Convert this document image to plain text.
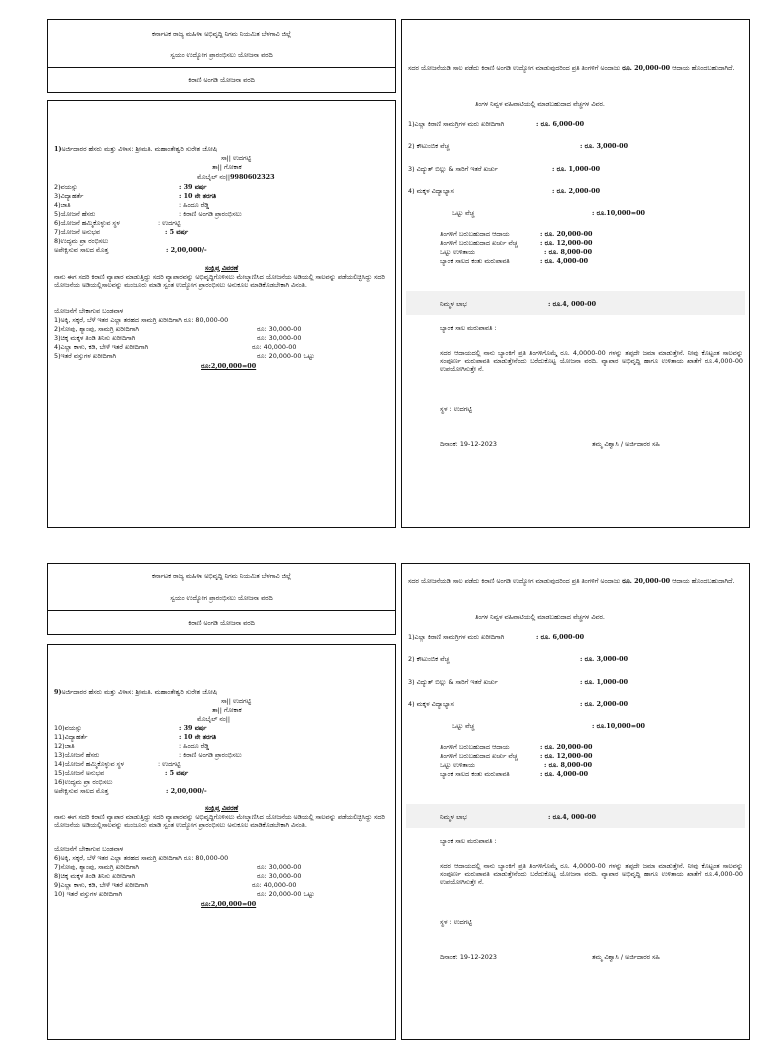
ಕರ್ನಾಟಕ ರಾಜ್ಯ ಮಹಿಳಾ ಅಭಿವೃದ್ದಿ ನಿಗಮ ನಿಯಮಿತ ಬೆಳಗಾವಿ ಜಿಲ್ಲೆ
ಸ್ವಯಂ ಉದ್ಯೋಗ ಪ್ರಾರಂಭಿಸಲು ಯೋಜನಾ ವರದಿ
ಕಿರಾಣಿ ಅಂಗಡಿ ಯೋಜನಾ ವರದಿ
1)ಅರ್ಜಿದಾರರ ಹೆಸರು ಮತ್ತು ವಿಳಾಸ: ಶ್ರೀಮತಿ. ಮಹಾಂತೇಶ್ವರಿ ಸುರೇಶ ಜೋಷಿ
ಸಾ|| ಉದಗಟ್ಟಿ
ತಾ|| ಗೋಕಾಕ
ಮೊಬೈಲ್ ನಂ||9980602323
2)ವಯಸ್ಸು	: 39 ವರ್ಷ
3)ವಿದ್ಯಾಹರ್ತೆ	: 10 ನೇ ತರಗತಿ
4)ಜಾತಿ	: ಹಿಂದೂ ರೆಡ್ಡಿ
5)ಯೋಜನೆ ಹೆಸರು	: ಕಿರಾಣಿ ಅಂಗಡಿ ಪ್ರಾರಂಭಿಸಲು
6)ಯೋಜನೆ ಹಮ್ಮಿಕೊಳ್ಳುವ ಸ್ಥಳ	: ಉದಗಟ್ಟಿ
7)ಯೋಜನೆ ಅನುಭವ	: 5 ವರ್ಷ
8)ಉದ್ಯಮ ಪ್ರಾ ರಂಭಿಸಲು
ಅಪೇಕ್ಷಿಸುವ ಸಾಲದ ಮೊತ್ತ	: 2,00,000/-
ಸಂಕ್ಷಿಪ್ತ ವಿವರಣೆ
ನಾನು ಈಗ ಸದರಿ ಕಿರಾಣಿ ವ್ಯಾಪಾರ ಮಾಡುತ್ತಿದ್ದು ಸದರಿ ವ್ಯಾಪಾರವನ್ನು ಅಭಿವೃದ್ಧಿಗೊಳಿಸಲು ಮೇಲ್ಕಾಣಿಸಿದ ಯೋಜನೆಯ ಅಡಿಯಲ್ಲಿ ಸಾಲವನ್ನು ಪಡೆಯಲಿಚ್ಛಿಸಿದ್ದು ಸದರಿ ಯೋಜನೆಯ ಅಡಿಯಲ್ಲಿಸಾಲವನ್ನು ಮಂಜೂರು ಮಾಡಿ ಸ್ವಂತ ಉದ್ಯೋಗ ಪ್ರಾರಂಭಿಸಲು ಅನುಕೂಲ ಮಾಡಿಕೊಡಬೇಕಾಗಿ ವಿನಂತಿ.
ಯೋಜನೆಗೆ ಬೇಕಾಗುವ ಬಂಡವಾಳ
1)ಅಕ್ಕಿ, ಸಕ್ಕರೆ, ಬೆಳೆ ಇತರ ಎಲ್ಲಾ ತರಹದ ಸಾಮಗ್ರಿ ಖರೀದಿಗಾಗಿ ರೂ: 80,000-00
2)ಸೋಪು, ಶ್ಯಾಂಪು, ಸಾಮಗ್ರಿ ಖರೀದಿಗಾಗಿ	ರೂ: 30,000-00
3)ಚಿಕ್ಕ ಮಕ್ಕಳ ತಿಂಡಿ ತಿನಿಸು ಖರೀದಿಗಾಗಿ	ರೂ: 30,000-00
4)ಎಲ್ಲಾ ಕಾಳು, ಕಡಿ, ಬೇಳೆ ಇತರೆ ಖರೀದಿಗಾಗಿ	ರೂ: 40,000-00
5)ಇತರೆ ವಸ್ತುಗಳ ಖರೀದಿಗಾಗಿ	ರೂ: 20,000-00 ಒಟ್ಟು
ರೂ:2,00,000=00
ಸದರ ಯೋಜನೆಯಡಿ ಸಾಲ ಪಡೆದು ಕಿರಾಣಿ ಅಂಗಡಿ ಉದ್ಯೋಗ ಮಾಡುವುದರಿಂದ ಪ್ರತಿ ತಿಂಗಳಿಗೆ ಅಂದಾಜು ರೂ. 20,000-00 ಆದಾಯ ಹೊಂದಬಹುದಾಗಿದೆ.
ತಿಂಗಳ ನಿವ್ವಳ ವಹಿವಾಟಿಯಲ್ಲಿ ಮಾಡಬಹುದಾದ ವೆಚ್ಚಗಳ ವಿವರ.
1)ಎಲ್ಲಾ ಕಿರಾಣಿ ಸಾಮಗ್ರಿಗಳ ಮರು ಖರೀದಿಗಾಗಿ	: ರೂ. 6,000-00
2) ಕೌಟುಂಬಿಕ ವೆಚ್ಚ	: ರೂ. 3,000-00
3) ವಿದ್ಯುತ್ ಬಿಲ್ಲು & ಸಾರಿಗೆ ಇತರೆ ಖರ್ಚು	: ರೂ. 1,000-00
4) ಮಕ್ಕಳ ವಿದ್ಯಾಭ್ಯಾಸ	: ರೂ. 2,000-00
ಒಟ್ಟು ವೆಚ್ಚ	: ರೂ.10,000=00
ತಿಂಗಳಿಗೆ ಬರುಬಹುದಾದ ಆದಾಯ	: ರೂ. 20,000-00
ತಿಂಗಳಿಗೆ ಬರುಬಹುದಾದ ಖರ್ಚು ವೆಚ್ಚ	: ರೂ. 12,000-00
ಒಟ್ಟು ಉಳಿತಾಯ	: ರೂ. 8,000-00
ಬ್ಯಾಂಕ ಸಾಲದ ಕಂತು ಮರುಪಾವತಿ	: ರೂ. 4,000-00
ನಿಮ್ಮಳ ಲಾಭ	: ರೂ.4, 000-00
ಬ್ಯಾಂಕ ಸಾಲ ಮರುಪಾವತಿ :
ಸದರ ಆದಾಯದಲ್ಲಿ ನಾನು ಬ್ಯಾಂಕಿಗೆ ಪ್ರತಿ ತಿಂಗಳಿಗೊಮ್ಮೆ ರೂ. 4,0000-00 ಗಳನ್ನು ತಪ್ಪದೇ ಜಮಾ ಮಾಡುತ್ತೇನೆ. ನೀವು ಕೊಟ್ಟಂತ ಸಾಲವನ್ನು ಸಂಪೂರ್ಣ ಮರುಪಾವತಿ ಮಾಡುತ್ತೇನೆಂದು ಬರೆದುಕೊಟ್ಟ ಯೋಜನಾ ವರದಿ. ವ್ಯಾಪಾರ ಅಭಿವೃದ್ಧಿ ಹಾಗೂ ಉಳಿತಾಯ ಖಾತೆಗೆ ರೂ.4,000-00 ಉಪಯೋಗಿಸುತ್ತೇ ನೆ.
ಸ್ಥಳ : ಉದಗಟ್ಟಿ
ದಿನಾಂಕ: 19-12-2023	ತಮ್ಮ ವಿಶ್ವಾಸಿ / ಅರ್ಜಿದಾರರ ಸಹಿ
ಕರ್ನಾಟಕ ರಾಜ್ಯ ಮಹಿಳಾ ಅಭಿವೃದ್ದಿ ನಿಗಮ ನಿಯಮಿತ ಬೆಳಗಾವಿ ಜಿಲ್ಲೆ
ಸ್ವಯಂ ಉದ್ಯೋಗ ಪ್ರಾರಂಭಿಸಲು ಯೋಜನಾ ವರದಿ
ಕಿರಾಣಿ ಅಂಗಡಿ ಯೋಜನಾ ವರದಿ
9)ಅರ್ಜಿದಾರರ ಹೆಸರು ಮತ್ತು ವಿಳಾಸ: ಶ್ರೀಮತಿ. ಮಹಾಂತೇಶ್ವರಿ ಸುರೇಶ ಜೋಷಿ
ಸಾ|| ಉದಗಟ್ಟಿ
ತಾ|| ಗೋಕಾಕ
ಮೊಬೈಲ್ ನಂ||
10)ವಯಸ್ಸು	: 39 ವರ್ಷ
11)ವಿದ್ಯಾಹರ್ತೆ	: 10 ನೇ ತರಗತಿ
12)ಜಾತಿ	: ಹಿಂದೂ ರೆಡ್ಡಿ
13)ಯೋಜನೆ ಹೆಸರು	: ಕಿರಾಣಿ ಅಂಗಡಿ ಪ್ರಾರಂಭಿಸಲು
14)ಯೋಜನೆ ಹಮ್ಮಿಕೊಳ್ಳುವ ಸ್ಥಳ	: ಉದಗಟ್ಟಿ
15)ಯೋಜನೆ ಅನುಭವ	: 5 ವರ್ಷ
16)ಉದ್ಯಮ ಪ್ರಾ ರಂಭಿಸಲು
ಅಪೇಕ್ಷಿಸುವ ಸಾಲದ ಮೊತ್ತ	: 2,00,000/-
ಸಂಕ್ಷಿಪ್ತ ವಿವರಣೆ
ನಾನು ಈಗ ಸದರಿ ಕಿರಾಣಿ ವ್ಯಾಪಾರ ಮಾಡುತ್ತಿದ್ದು ಸದರಿ ವ್ಯಾಪಾರವನ್ನು ಅಭಿವೃದ್ಧಿಗೊಳಿಸಲು ಮೇಲ್ಕಾಣಿಸಿದ ಯೋಜನೆಯ ಅಡಿಯಲ್ಲಿ ಸಾಲವನ್ನು ಪಡೆಯಲಿಚ್ಛಿಸಿದ್ದು ಸದರಿ ಯೋಜನೆಯ ಅಡಿಯಲ್ಲಿಸಾಲವನ್ನು ಮಂಜೂರು ಮಾಡಿ ಸ್ವಂತ ಉದ್ಯೋಗ ಪ್ರಾರಂಭಿಸಲು ಅನುಕೂಲ ಮಾಡಿಕೊಡಬೇಕಾಗಿ ವಿನಂತಿ.
ಯೋಜನೆಗೆ ಬೇಕಾಗುವ ಬಂಡವಾಳ
6)ಅಕ್ಕಿ, ಸಕ್ಕರೆ, ಬೆಳೆ ಇತರ ಎಲ್ಲಾ ತರಹದ ಸಾಮಗ್ರಿ ಖರೀದಿಗಾಗಿ ರೂ: 80,000-00
7)ಸೋಪು, ಶ್ಯಾಂಪು, ಸಾಮಗ್ರಿ ಖರೀದಿಗಾಗಿ	ರೂ: 30,000-00
8)ಚಿಕ್ಕ ಮಕ್ಕಳ ತಿಂಡಿ ತಿನಿಸು ಖರೀದಿಗಾಗಿ	ರೂ: 30,000-00
9)ಎಲ್ಲಾ ಕಾಳು, ಕಡಿ, ಬೇಳೆ ಇತರೆ ಖರೀದಿಗಾಗಿ	ರೂ: 40,000-00
10) ಇತರೆ ವಸ್ತುಗಳ ಖರೀದಿಗಾಗಿ	ರೂ: 20,000-00 ಒಟ್ಟು
ರೂ:2,00,000=00
ಸದರ ಯೋಜನೆಯಡಿ ಸಾಲ ಪಡೆದು ಕಿರಾಣಿ ಅಂಗಡಿ ಉದ್ಯೋಗ ಮಾಡುವುದರಿಂದ ಪ್ರತಿ ತಿಂಗಳಿಗೆ ಅಂದಾಜು ರೂ. 20,000-00 ಆದಾಯ ಹೊಂದಬಹುದಾಗಿದೆ.
ತಿಂಗಳ ನಿವ್ವಳ ವಹಿವಾಟಿಯಲ್ಲಿ ಮಾಡಬಹುದಾದ ವೆಚ್ಚಗಳ ವಿವರ.
1)ಎಲ್ಲಾ ಕಿರಾಣಿ ಸಾಮಗ್ರಿಗಳ ಮರು ಖರೀದಿಗಾಗಿ	: ರೂ. 6,000-00
2) ಕೌಟುಂಬಿಕ ವೆಚ್ಚ	: ರೂ. 3,000-00
3) ವಿದ್ಯುತ್ ಬಿಲ್ಲು & ಸಾರಿಗೆ ಇತರೆ ಖರ್ಚು	: ರೂ. 1,000-00
4) ಮಕ್ಕಳ ವಿದ್ಯಾಭ್ಯಾಸ	: ರೂ. 2,000-00
ಒಟ್ಟು ವೆಚ್ಚ	: ರೂ.10,000=00
ತಿಂಗಳಿಗೆ ಬರುಬಹುದಾದ ಆದಾಯ	: ರೂ. 20,000-00
ತಿಂಗಳಿಗೆ ಬರುಬಹುದಾದ ಖರ್ಚು ವೆಚ್ಚ	: ರೂ. 12,000-00
ಒಟ್ಟು ಉಳಿತಾಯ	: ರೂ. 8,000-00
ಬ್ಯಾಂಕ ಸಾಲದ ಕಂತು ಮರುಪಾವತಿ	: ರೂ. 4,000-00
ನಿಮ್ಮಳ ಲಾಭ	: ರೂ.4, 000-00
ಬ್ಯಾಂಕ ಸಾಲ ಮರುಪಾವತಿ :
ಸದರ ಆದಾಯದಲ್ಲಿ ನಾನು ಬ್ಯಾಂಕಿಗೆ ಪ್ರತಿ ತಿಂಗಳಿಗೊಮ್ಮೆ ರೂ. 4,0000-00 ಗಳನ್ನು ತಪ್ಪದೇ ಜಮಾ ಮಾಡುತ್ತೇನೆ. ನೀವು ಕೊಟ್ಟಂತ ಸಾಲವನ್ನು ಸಂಪೂರ್ಣ ಮರುಪಾವತಿ ಮಾಡುತ್ತೇನೆಂದು ಬರೆದುಕೊಟ್ಟ ಯೋಜನಾ ವರದಿ. ವ್ಯಾಪಾರ ಅಭಿವೃದ್ಧಿ ಹಾಗೂ ಉಳಿತಾಯ ಖಾತೆಗೆ ರೂ.4,000-00 ಉಪಯೋಗಿಸುತ್ತೇ ನೆ.
ಸ್ಥಳ : ಉದಗಟ್ಟಿ
ದಿನಾಂಕ: 19-12-2023	ತಮ್ಮ ವಿಶ್ವಾಸಿ / ಅರ್ಜಿದಾರರ ಸಹಿ
